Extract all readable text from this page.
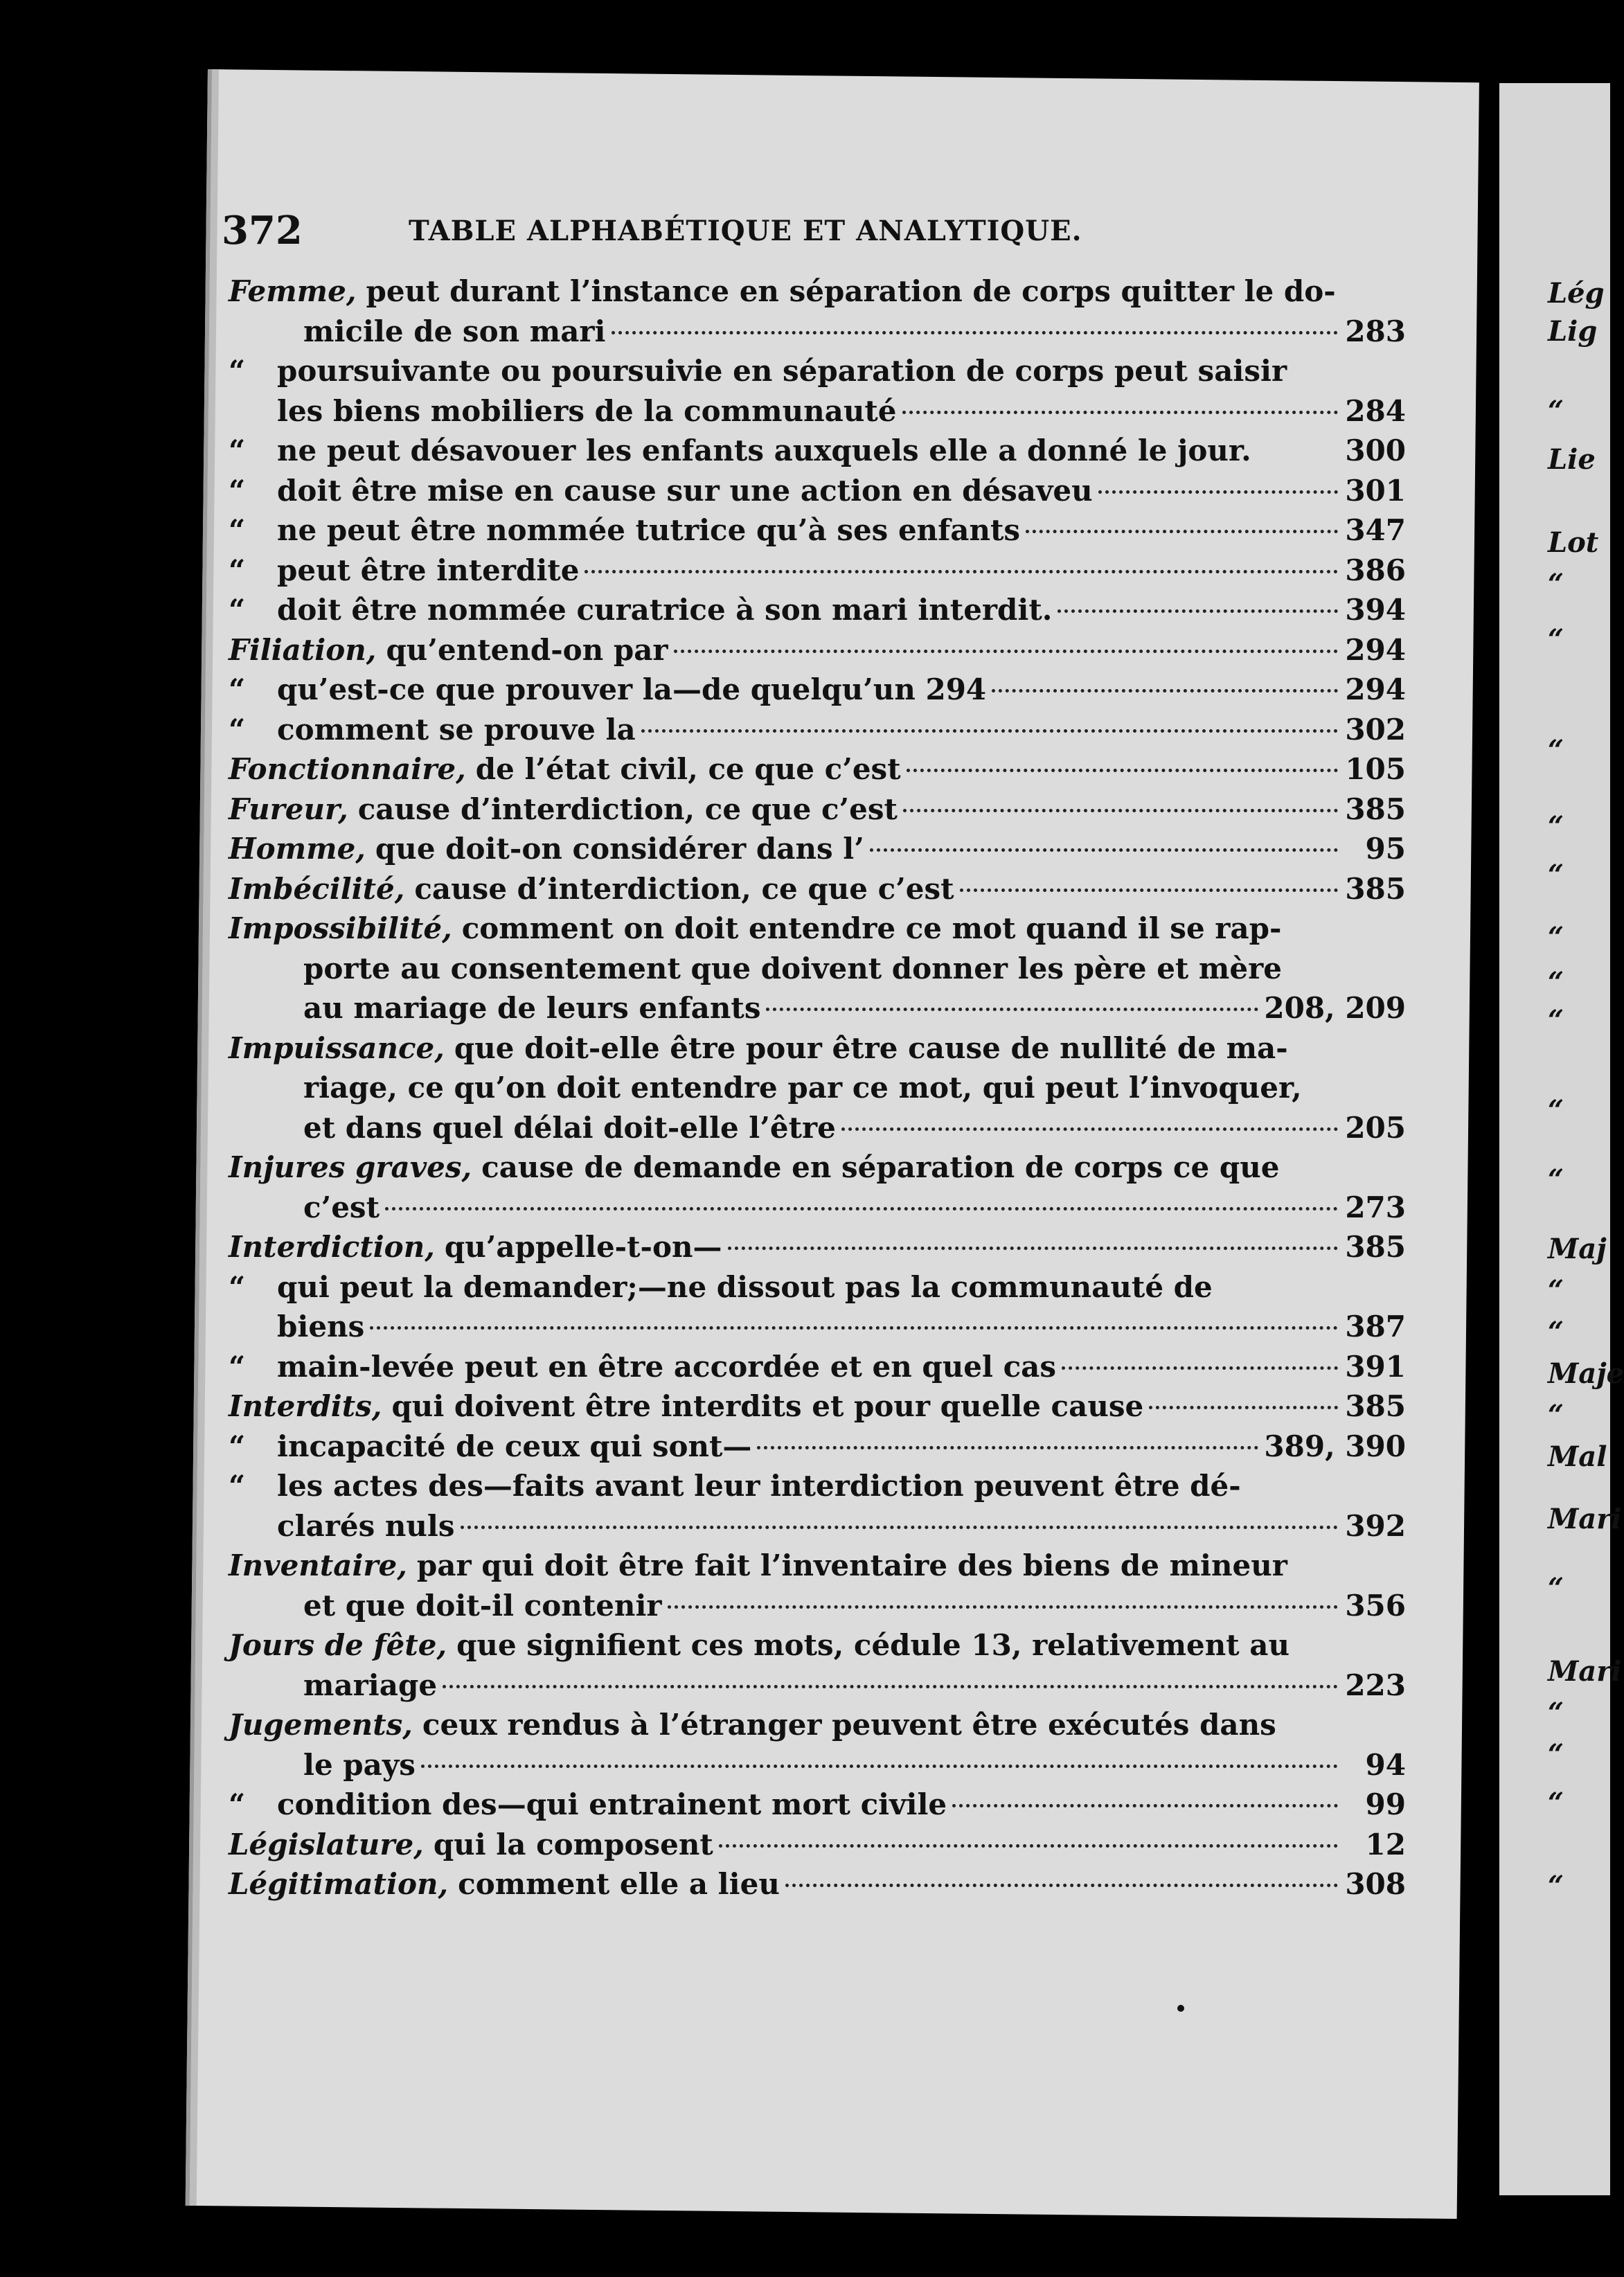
Lég
Lig
“
Lie
Lot
“
“
“
“
“
“
“
“
“
“
Maj
“
“
Maje
“
Mal
Mari
“
Mari
“
“
“
“
372	TABLE ALPHABÉTIQUE ET ANALYTIQUE.
Femme, peut durant l’instance en séparation de corps quitter le do-
micile de son mari	283
“	poursuivante ou poursuivie en séparation de corps peut saisir
les biens mobiliers de la communauté	284
“	ne peut désavouer les enfants auxquels elle a donné le jour.	300
“	doit être mise en cause sur une action en désaveu	301
“	ne peut être nommée tutrice qu’à ses enfants	347
“	peut être interdite	386
“	doit être nommée curatrice à son mari interdit.	394
Filiation, qu’entend-on par	294
“	qu’est-ce que prouver la—de quelqu’un 294	294
“	comment se prouve la	302
Fonctionnaire, de l’état civil, ce que c’est	105
Fureur, cause d’interdiction, ce que c’est	385
Homme, que doit-on considérer dans l’	95
Imbécilité, cause d’interdiction, ce que c’est	385
Impossibilité, comment on doit entendre ce mot quand il se rap-
porte au consentement que doivent donner les père et mère
au mariage de leurs enfants	208, 209
Impuissance, que doit-elle être pour être cause de nullité de ma-
riage, ce qu’on doit entendre par ce mot, qui peut l’invoquer,
et dans quel délai doit-elle l’être	205
Injures graves, cause de demande en séparation de corps ce que
c’est	273
Interdiction, qu’appelle-t-on—	385
“	qui peut la demander;—ne dissout pas la communauté de
biens	387
“	main-levée peut en être accordée et en quel cas	391
Interdits, qui doivent être interdits et pour quelle cause	385
“	incapacité de ceux qui sont—	389, 390
“	les actes des—faits avant leur interdiction peuvent être dé-
clarés nuls	392
Inventaire, par qui doit être fait l’inventaire des biens de mineur
et que doit-il contenir	356
Jours de fête, que signifient ces mots, cédule 13, relativement au
mariage	223
Jugements, ceux rendus à l’étranger peuvent être exécutés dans
le pays	94
“	condition des—qui entrainent mort civile	99
Législature, qui la composent	12
Légitimation, comment elle a lieu	308
